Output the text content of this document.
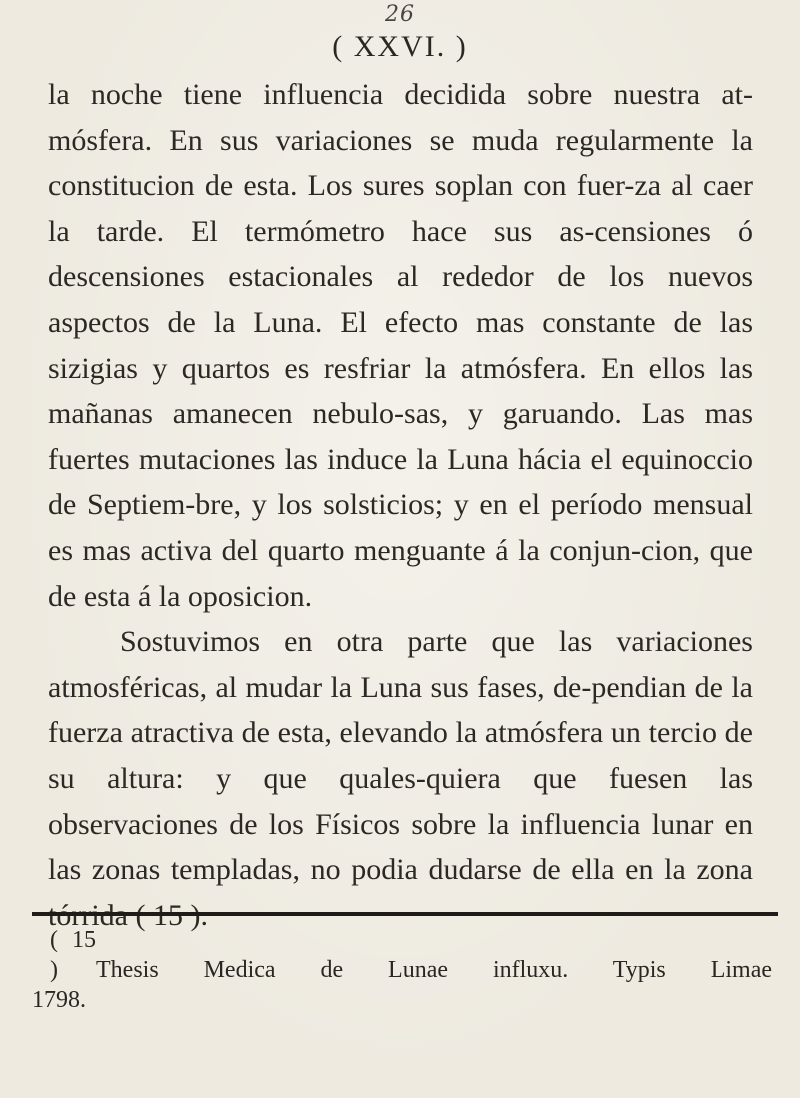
26
( XXVI. )

la noche tiene influencia decidida sobre nuestra at-mósfera. En sus variaciones se muda regularmente la constitucion de esta. Los sures soplan con fuer-za al caer la tarde. El termómetro hace sus as-censiones ó descensiones estacionales al rededor de los nuevos aspectos de la Luna. El efecto mas constante de las sizigias y quartos es resfriar la atmósfera. En ellos las mañanas amanecen nebulo-sas, y garuando. Las mas fuertes mutaciones las induce la Luna hácia el equinoccio de Septiem-bre, y los solsticios; y en el período mensual es mas activa del quarto menguante á la conjun-cion, que de esta á la oposicion.

Sostuvimos en otra parte que las variaciones atmosféricas, al mudar la Luna sus fases, de-pendian de la fuerza atractiva de esta, elevando la atmósfera un tercio de su altura: y que quales-quiera que fuesen las observaciones de los Físicos sobre la influencia lunar en las zonas templadas, no podia dudarse de ella en la zona tórrida ( 15 ).

( 15 ) Thesis Medica de Lunae influxu. Typis Limae
1798.
